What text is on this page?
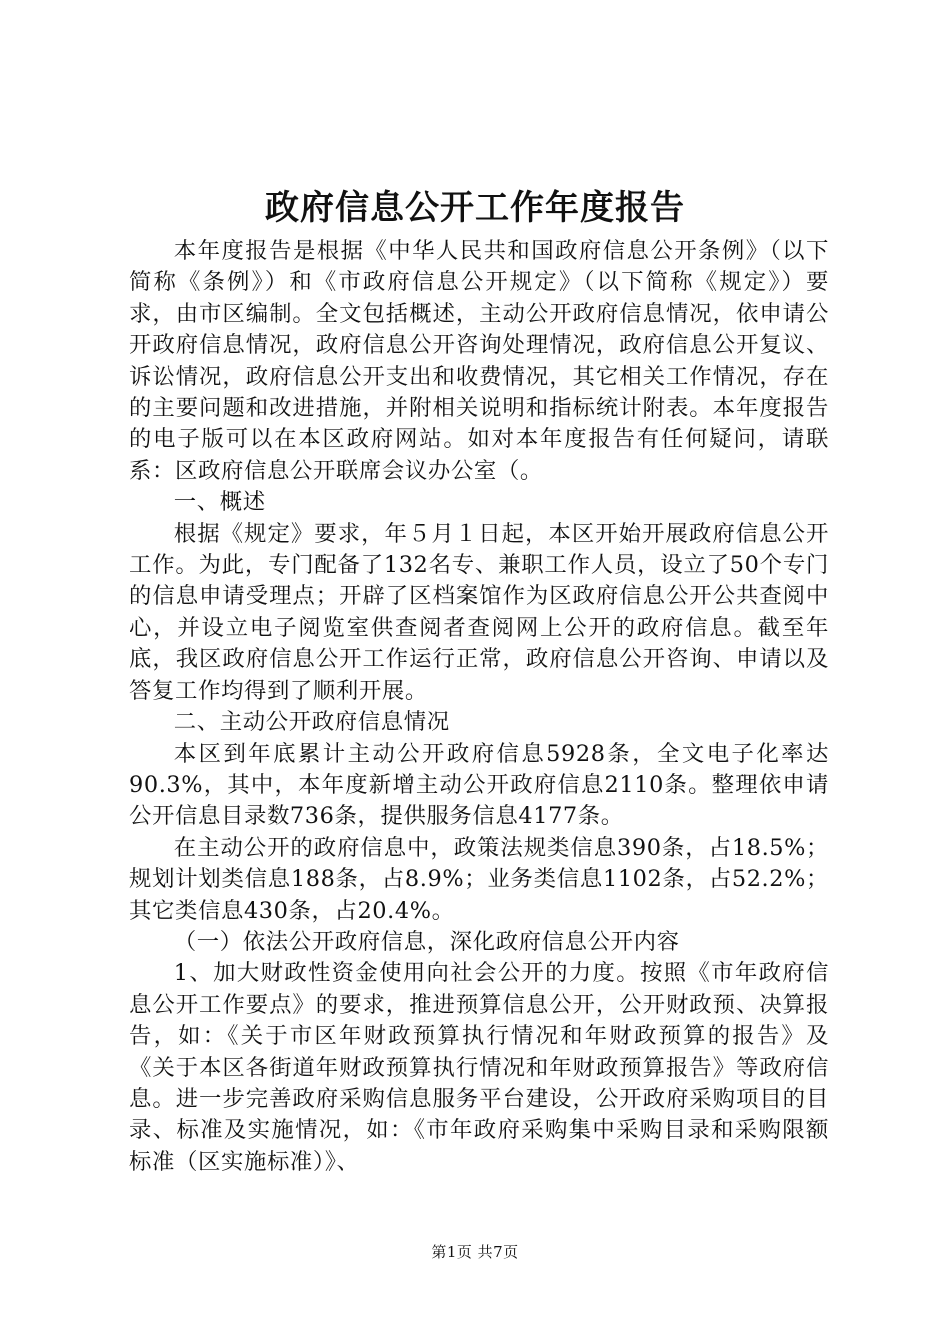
政府信息公开工作年度报告

本年度报告是根据《中华人民共和国政府信息公开条例》（以下简称《条例》）和《市政府信息公开规定》（以下简称《规定》）要求，由市区编制。全文包括概述，主动公开政府信息情况，依申请公开政府信息情况，政府信息公开咨询处理情况，政府信息公开复议、诉讼情况，政府信息公开支出和收费情况，其它相关工作情况，存在的主要问题和改进措施，并附相关说明和指标统计附表。本年度报告的电子版可以在本区政府网站。如对本年度报告有任何疑问，请联系：区政府信息公开联席会议办公室（。

一、概述

根据《规定》要求，年５月１日起，本区开始开展政府信息公开工作。为此，专门配备了132名专、兼职工作人员，设立了50个专门的信息申请受理点；开辟了区档案馆作为区政府信息公开公共查阅中心，并设立电子阅览室供查阅者查阅网上公开的政府信息。截至年底，我区政府信息公开工作运行正常，政府信息公开咨询、申请以及答复工作均得到了顺利开展。

二、主动公开政府信息情况

本区到年底累计主动公开政府信息5928条，全文电子化率达90.3%，其中，本年度新增主动公开政府信息2110条。整理依申请公开信息目录数736条，提供服务信息4177条。

在主动公开的政府信息中，政策法规类信息390条，占18.5%；规划计划类信息188条，占8.9%；业务类信息1102条，占52.2%；其它类信息430条，占20.4%。

（一）依法公开政府信息，深化政府信息公开内容

1、加大财政性资金使用向社会公开的力度。按照《市年政府信息公开工作要点》的要求，推进预算信息公开，公开财政预、决算报告，如：《关于市区年财政预算执行情况和年财政预算的报告》及《关于本区各街道年财政预算执行情况和年财政预算报告》等政府信息。进一步完善政府采购信息服务平台建设，公开政府采购项目的目录、标准及实施情况，如：《市年政府采购集中采购目录和采购限额标准（区实施标准）》、

第1页 共7页
